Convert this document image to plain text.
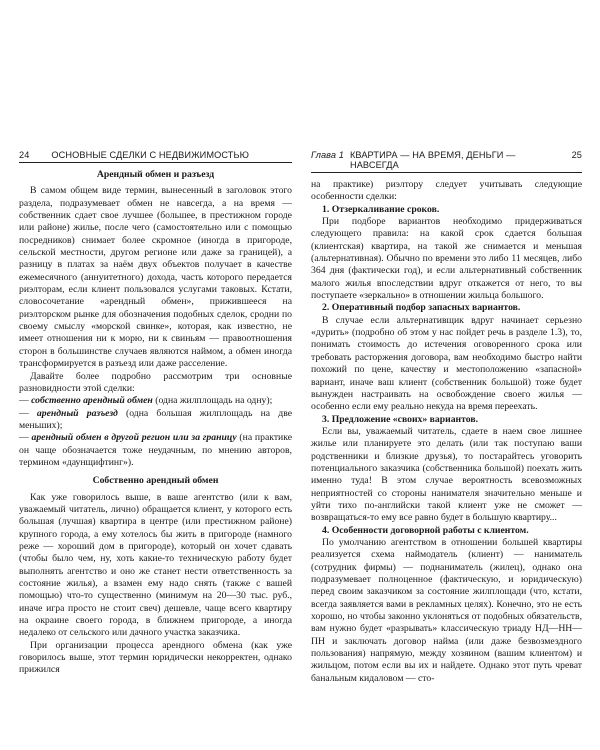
24 ОСНОВНЫЕ СДЕЛКИ С НЕДВИЖИМОСТЬЮ
Арендный обмен и разъезд

В самом общем виде термин, вынесенный в заголовок этого раздела, подразумевает обмен не навсегда, а на время — собственник сдает свое лучшее (большее, в престижном городе или районе) жилье, после чего (самостоятельно или с помощью посредников) снимает более скромное (иногда в пригороде, сельской местности, другом регионе или даже за границей), а разницу в платах за наём двух объектов получает в качестве ежемесячного (аннуитетного) дохода, часть которого передается риэлторам, если клиент пользовался услугами таковых. Кстати, словосочетание «арендный обмен», прижившееся на риэлторском рынке для обозначения подобных сделок, сродни по своему смыслу «морской свинке», которая, как известно, не имеет отношения ни к морю, ни к свиньям — правоотношения сторон в большинстве случаев являются наймом, а обмен иногда трансформируется в разъезд или даже расселение.

Давайте более подробно рассмотрим три основные разновидности этой сделки:

— собственно арендный обмен (одна жилплощадь на одну);

— арендный разъезд (одна большая жилплощадь на две меньших);

— арендный обмен в другой регион или за границу (на практике он чаще обозначается тоже неудачным, по мнению авторов, термином «даунщифтинг»).

Собственно арендный обмен

Как уже говорилось выше, в ваше агентство (или к вам, уважаемый читатель, лично) обращается клиент, у которого есть большая (лучшая) квартира в центре (или престижном районе) крупного города, а ему хотелось бы жить в пригороде (намного реже — хороший дом в пригороде), который он хочет сдавать (чтобы было чем, ну, хоть какие-то техническую работу будет выполнять агентство и оно же станет нести ответственность за состояние жилья), а взамен ему надо снять (также с вашей помощью) что-то существенно (минимум на 20—30 тыс. руб., иначе игра просто не стоит свеч) дешевле, чаще всего квартиру на окраине своего города, в ближнем пригороде, а иногда недалеко от сельского или дачного участка заказчика.

При организации процесса арендного обмена (как уже говорилось выше, этот термин юридически некорректен, однако прижился

Глава 1 КВАРТИРА — НА ВРЕМЯ, ДЕНЬГИ — НАВСЕГДА
25

на практике) риэлтору следует учитывать следующие особенности сделки:

1. Отзеркаливание сроков.

При подборе вариантов необходимо придерживаться следующего правила: на какой срок сдается большая (клиентская) квартира, на такой же снимается и меньшая (альтернативная). Обычно по времени это либо 11 месяцев, либо 364 дня (фактически год), и если альтернативный собственник малого жилья впоследствии вдруг откажется от него, то вы поступаете «зеркально» в отношении жильца большого.

2. Оперативный подбор запасных вариантов.

В случае если альтернативщик вдруг начинает серьезно «дурить» (подробно об этом у нас пойдет речь в разделе 1.3), то, понимать стоимость до истечения оговоренного срока или требовать расторжения договора, вам необходимо быстро найти похожий по цене, качеству и местоположению «запасной» вариант, иначе ваш клиент (собственник большой) тоже будет вынужден настраивать на освобождение своего жилья — особенно если ему реально некуда на время переехать.

3. Предложение «своих» вариантов.

Если вы, уважаемый читатель, сдаете в наем свое лишнее жилье или планируете это делать (или так поступаю ваши родственники и близкие друзья), то постарайтесь уговорить потенциального заказчика (собственника большой) поехать жить именно туда! В этом случае вероятность всевозможных неприятностей со стороны нанимателя значительно меньше и уйти тихо по-английски такой клиент уже не сможет — возвращаться-то ему все равно будет в большую квартиру...

4. Особенности договорной работы с клиентом.

По умолчанию агентством в отношении большей квартиры реализуется схема наймодатель (клиент) — наниматель (сотрудник фирмы) — поднаниматель (жилец), однако она подразумевает полноценное (фактическую, и юридическую) перед своим заказчиком за состояние жилплощади (что, кстати, всегда заявляется вами в рекламных целях). Конечно, это не есть хорошо, но чтобы законно уклоняться от подобных обязательств, вам нужно будет «разрывать» классическую триаду НД—НН—ПН и заключать договор найма (или даже безвозмездного пользования) напрямую, между хозяином (вашим клиентом) и жильцом, потом если вы их и найдете. Однако этот путь чреват банальным кидаловом — сто-
